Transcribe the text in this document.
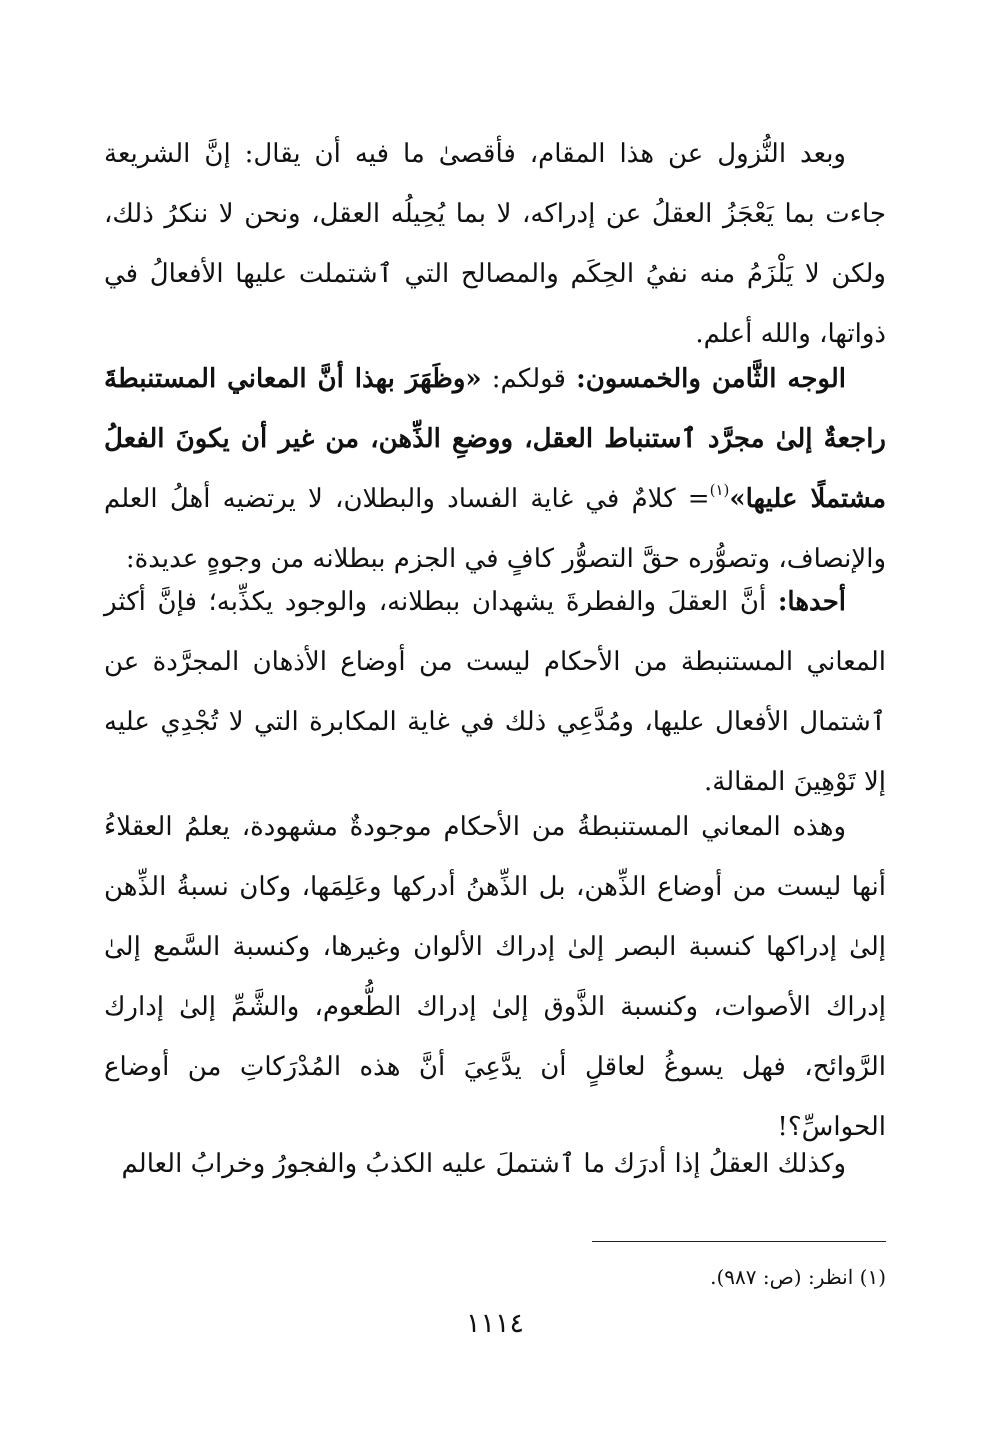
وبعد النُّزول عن هذا المقام، فأقصىٰ ما فيه أن يقال: إنَّ الشريعة جاءت بما يَعْجَزُ العقلُ عن إدراكه، لا بما يُحِيلُه العقل، ونحن لا ننكرُ ذلك، ولكن لا يَلْزَمُ منه نفيُ الحِكَم والمصالح التي ٱشتملت عليها الأفعالُ في ذواتها، والله أعلم.
الوجه الثَّامن والخمسون: قولكم: «وظَهَرَ بهذا أنَّ المعاني المستنبطةَ راجعةٌ إلىٰ مجرَّد ٱستنباط العقل، ووضعِ الذِّهن، من غير أن يكونَ الفعلُ مشتملًا عليها»$^{(١)}$= كلامٌ في غاية الفساد والبطلان، لا يرتضيه أهلُ العلم والإنصاف، وتصوُّره حقَّ التصوُّر كافٍ في الجزم ببطلانه من وجوهٍ عديدة:
أحدها: أنَّ العقلَ والفطرةَ يشهدان ببطلانه، والوجود يكذِّبه؛ فإنَّ أكثر المعاني المستنبطة من الأحكام ليست من أوضاع الأذهان المجرَّدة عن ٱشتمال الأفعال عليها، ومُدَّعِي ذلك في غاية المكابرة التي لا تُجْدِي عليه إلا تَوْهِينَ المقالة.
وهذه المعاني المستنبطةُ من الأحكام موجودةٌ مشهودة، يعلمُ العقلاءُ أنها ليست من أوضاع الذِّهن، بل الذِّهنُ أدركها وعَلِمَها، وكان نسبةُ الذِّهن إلىٰ إدراكها كنسبة البصر إلىٰ إدراك الألوان وغيرها، وكنسبة السَّمع إلىٰ إدراك الأصوات، وكنسبة الذَّوق إلىٰ إدراك الطُّعوم، والشَّمِّ إلىٰ إدارك الرَّوائح، فهل يسوغُ لعاقلٍ أن يدَّعِيَ أنَّ هذه المُدْرَكاتِ من أوضاع الحواسِّ؟!
وكذلك العقلُ إذا أدرَك ما ٱشتملَ عليه الكذبُ والفجورُ وخرابُ العالم
(١) انظر: (ص: ٩٨٧).
١١١٤
